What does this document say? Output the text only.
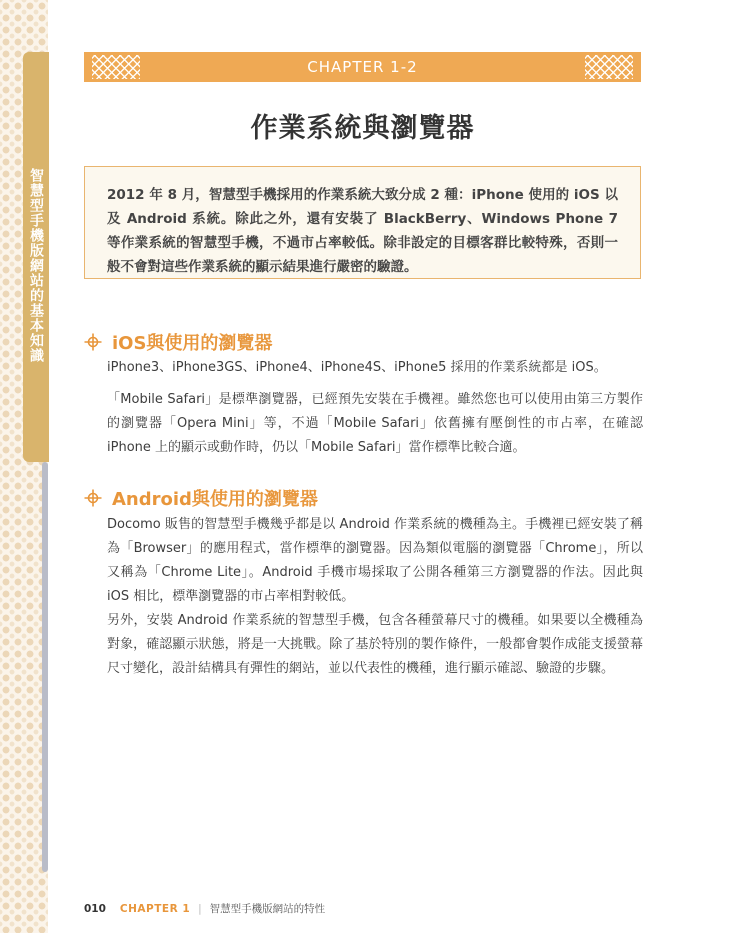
智慧型手機版網站的基本知識
CHAPTER 1-2
作業系統與瀏覽器

2012 年 8 月，智慧型手機採用的作業系統大致分成 2 種：iPhone 使用的 iOS 以及 Android 系統。除此之外，還有安裝了 BlackBerry、Windows Phone 7 等作業系統的智慧型手機，不過市占率較低。除非設定的目標客群比較特殊，否則一般不會對這些作業系統的顯示結果進行嚴密的驗證。

iOS與使用的瀏覽器

iPhone3、iPhone3GS、iPhone4、iPhone4S、iPhone5 採用的作業系統都是 iOS。

「Mobile Safari」是標準瀏覽器，已經預先安裝在手機裡。雖然您也可以使用由第三方製作的瀏覽器「Opera Mini」等，不過「Mobile Safari」依舊擁有壓倒性的市占率，在確認 iPhone 上的顯示或動作時，仍以「Mobile Safari」當作標準比較合適。

Android與使用的瀏覽器

Docomo 販售的智慧型手機幾乎都是以 Android 作業系統的機種為主。手機裡已經安裝了稱為「Browser」的應用程式，當作標準的瀏覽器。因為類似電腦的瀏覽器「Chrome」，所以又稱為「Chrome Lite」。Android 手機市場採取了公開各種第三方瀏覽器的作法。因此與 iOS 相比，標準瀏覽器的市占率相對較低。

另外，安裝 Android 作業系統的智慧型手機，包含各種螢幕尺寸的機種。如果要以全機種為對象，確認顯示狀態，將是一大挑戰。除了基於特別的製作條件，一般都會製作成能支援螢幕尺寸變化，設計結構具有彈性的網站，並以代表性的機種，進行顯示確認、驗證的步驟。

010 CHAPTER 1 | 智慧型手機版網站的特性
